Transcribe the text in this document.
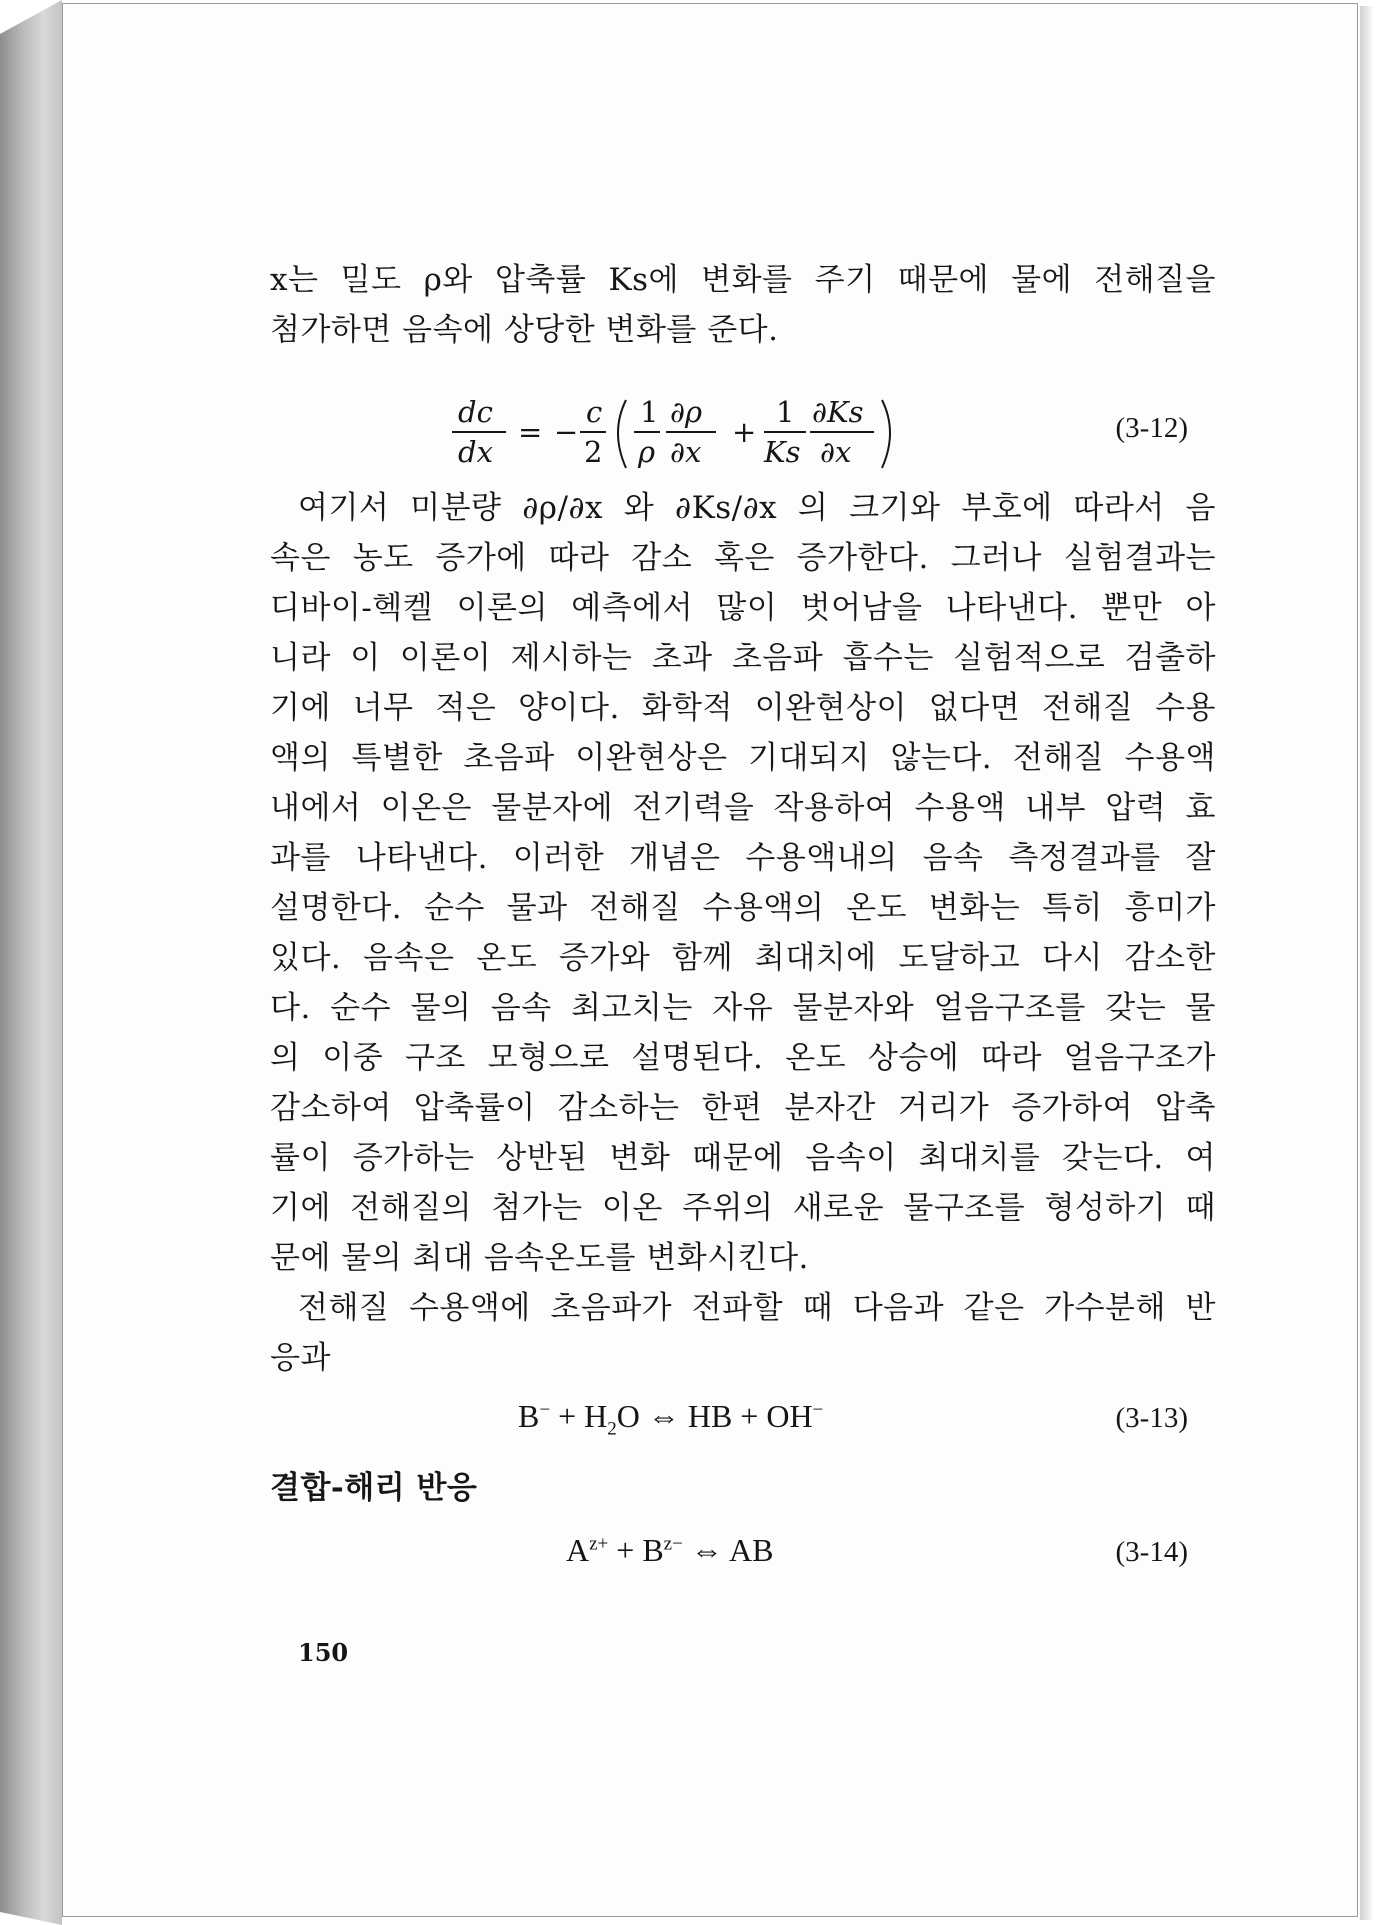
x는 밀도 ρ와 압축률 Ks에 변화를 주기 때문에 물에 전해질을
첨가하면 음속에 상당한 변화를 준다.
dc
dx
= −
c
2
1
ρ
∂ρ
∂x
+
1
Ks
∂Ks
∂x
(3-12)
여기서 미분량 ∂ρ/∂x 와 ∂Ks/∂x 의 크기와 부호에 따라서 음
속은 농도 증가에 따라 감소 혹은 증가한다. 그러나 실험결과는
디바이-헥켈 이론의 예측에서 많이 벗어남을 나타낸다. 뿐만 아
니라 이 이론이 제시하는 초과 초음파 흡수는 실험적으로 검출하
기에 너무 적은 양이다. 화학적 이완현상이 없다면 전해질 수용
액의 특별한 초음파 이완현상은 기대되지 않는다. 전해질 수용액
내에서 이온은 물분자에 전기력을 작용하여 수용액 내부 압력 효
과를 나타낸다. 이러한 개념은 수용액내의 음속 측정결과를 잘
설명한다. 순수 물과 전해질 수용액의 온도 변화는 특히 흥미가
있다. 음속은 온도 증가와 함께 최대치에 도달하고 다시 감소한
다. 순수 물의 음속 최고치는 자유 물분자와 얼음구조를 갖는 물
의 이중 구조 모형으로 설명된다. 온도 상승에 따라 얼음구조가
감소하여 압축률이 감소하는 한편 분자간 거리가 증가하여 압축
률이 증가하는 상반된 변화 때문에 음속이 최대치를 갖는다. 여
기에 전해질의 첨가는 이온 주위의 새로운 물구조를 형성하기 때
문에 물의 최대 음속온도를 변화시킨다.
전해질 수용액에 초음파가 전파할 때 다음과 같은 가수분해 반
응과
$B^- + H_2O$ ⇔ HB + OH−	(3-13)
결합-해리 반응
$A^{z+} + B^{z-}$ ⇔ AB	(3-14)
150
